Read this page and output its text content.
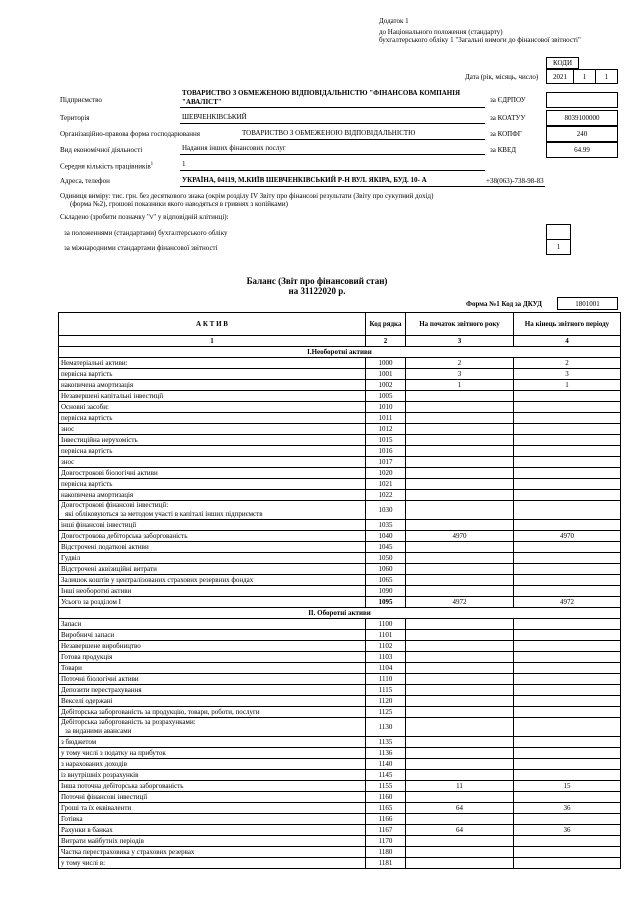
Додаток 1
до Національного положення (стандарту)
бухгалтерського обліку 1 "Загальні вимоги до фінансової звітності"
КОДИ
Дата (рік, місяць, число)	2021	1	1
Підприємство
ТОВАРИСТВО З ОБМЕЖЕНОЮ ВІДПОВІДАЛЬНІСТЮ "ФІНАНСОВА КОМПАНІЯ
"АВАЛІСТ"	за ЄДРПОУ
Територія	ШЕВЧЕНКІВСЬКИЙ	за КОАТУУ	8039100000
Організаційно-правова форма господарювання	ТОВАРИСТВО З ОБМЕЖЕНОЮ ВІДПОВІДАЛЬНІСТЮ	за КОПФГ	240
Вид економічної діяльності	Надання інших фінансових послуг	за КВЕД	64.99
Середня кількість працівників$^1$	1
Адреса, телефон	УКРАЇНА, 04119, М.КИЇВ ШЕВЧЕНКІВСЬКИЙ Р-Н ВУЛ. ЯКІРА, БУД. 10- А	+38(063)-738-98-83
Одиниця виміру: тис. грн. без десяткового знака (окрім розділу IV Звіту про фінансові результати (Звіту про сукупний дохід)
(форма №2), грошові показники якого наводяться в гривнях з копійками)
Складено (зробити позначку "v" у відповідній клітинці):
за положеннями (стандартами) бухгалтерського обліку
за міжнародними стандартами фінансової звітності	1
Баланс (Звіт про фінансовий стан)
на 31122020 р.
Форма №1 Код за ДКУД	1801001
А К Т И В	Код рядка	На початок звітного року	На кінець звітного періоду
1	2	3	4
I.Необоротні активи			
Нематеріальні активи:	1000	2	2
первісна вартість	1001	3	3
накопичена амортизація	1002	1	1
Незавершені капітальні інвестиції	1005		
Основні засоби:	1010		
первісна вартість	1011		
знос	1012		
Інвестиційна нерухомість	1015		
первісна вартість	1016		
знос	1017		
Довгострокові біологічні активи	1020		
первісна вартість	1021		
накопичена амортизація	1022		

Довгострокові фінансові інвестиції:
які обліковуються за методом участі в капіталі інших підприємств	1030		
інші фінансові інвестиції	1035		
Довгострокова дебіторська заборгованість	1040	4970	4970
Відстрочені податкові активи	1045		
Гудвіл	1050		
Відстрочені аквізиційні витрати	1060		
Залишок коштів у централізованих страхових резервних фондах	1065		
Інші необоротні активи	1090		
Усього за розділом I	1095	4972	4972
II. Оборотні активи			
Запаси	1100		
Виробничі запаси	1101		
Незавершене виробництво	1102		
Готова продукція	1103		
Товари	1104		
Поточні біологічні активи	1110		
Депозити перестрахування	1115		
Векселі одержані	1120		
Дебіторська заборгованість за продукцію, товари, роботи, послуги	1125		

Дебіторська заборгованість за розрахунками:
за виданими авансами	1130		
з бюджетом	1135		
у тому числі з податку на прибуток	1136		
з нарахованих доходів	1140		
із внутрішніх розрахунків	1145		
Інша поточна дебіторська заборгованість	1155	11	15
Поточні фінансові інвестиції	1160		
Гроші та їх еквіваленти	1165	64	36
Готівка	1166		
Рахунки в банках	1167	64	36
Витрати майбутніх періодів	1170		
Частка перестраховика у страхових резервах	1180		
у тому числі в:	1181		
